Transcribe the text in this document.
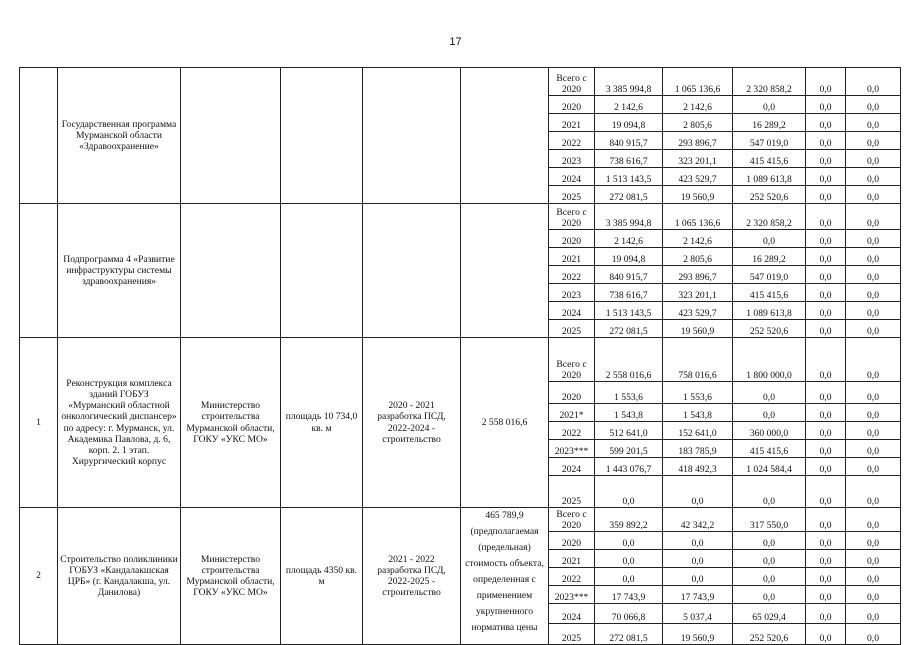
17
	Государственная программа Мурманской области «Здравоохранение»					Всего с 2020	3 385 994,8	1 065 136,6	2 320 858,2	0,0	0,0
						2020	2 142,6	2 142,6	0,0	0,0	0,0
						2021	19 094,8	2 805,6	16 289,2	0,0	0,0
						2022	840 915,7	293 896,7	547 019,0	0,0	0,0
						2023	738 616,7	323 201,1	415 415,6	0,0	0,0
						2024	1 513 143,5	423 529,7	1 089 613,8	0,0	0,0
						2025	272 081,5	19 560,9	252 520,6	0,0	0,0
	Подпрограмма 4 «Развитие инфраструктуры системы здравоохранения»					Всего с 2020	3 385 994,8	1 065 136,6	2 320 858,2	0,0	0,0
						2020	2 142,6	2 142,6	0,0	0,0	0,0
						2021	19 094,8	2 805,6	16 289,2	0,0	0,0
						2022	840 915,7	293 896,7	547 019,0	0,0	0,0
						2023	738 616,7	323 201,1	415 415,6	0,0	0,0
						2024	1 513 143,5	423 529,7	1 089 613,8	0,0	0,0
						2025	272 081,5	19 560,9	252 520,6	0,0	0,0
1	Реконструкция комплекса зданий ГОБУЗ «Мурманский областной онкологический диспансер» по адресу: г. Мурманск, ул. Академика Павлова, д. 6, корп. 2. 1 этап. Хирургический корпус	Министерство строительства Мурманской области, ГОКУ «УКС МО»	площадь 10 734,0 кв. м	2020 - 2021 разработка ПСД, 2022-2024 - строительство	2 558 016,6	Всего с 2020	2 558 016,6	758 016,6	1 800 000,0	0,0	0,0
						2020	1 553,6	1 553,6	0,0	0,0	0,0
						2021*	1 543,8	1 543,8	0,0	0,0	0,0
						2022	512 641,0	152 641,0	360 000,0	0,0	0,0
						2023***	599 201,5	183 785,9	415 415,6	0,0	0,0
						2024	1 443 076,7	418 492,3	1 024 584,4	0,0	0,0
						2025	0,0	0,0	0,0	0,0	0,0
2	Строительство поликлиники ГОБУЗ «Кандалакшская ЦРБ» (г. Кандалакша, ул. Данилова)	Министерство строительства Мурманской области, ГОКУ «УКС МО»	площадь 4350 кв. м	2021 - 2022 разработка ПСД, 2022-2025 - строительство	465 789,9 (предполагаемая (предельная) стоимость объекта, определенная с применением укрупненного норматива цены	Всего с 2020	359 892,2	42 342,2	317 550,0	0,0	0,0
						2020	0,0	0,0	0,0	0,0	0,0
						2021	0,0	0,0	0,0	0,0	0,0
						2022	0,0	0,0	0,0	0,0	0,0
						2023***	17 743,9	17 743,9	0,0	0,0	0,0
						2024	70 066,8	5 037,4	65 029,4	0,0	0,0
						2025	272 081,5	19 560,9	252 520,6	0,0	0,0
